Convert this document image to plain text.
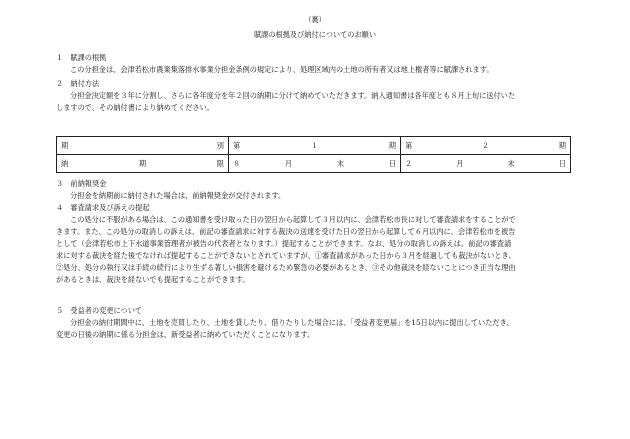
（裏）
賦課の根拠及び納付についてのお願い
１　賦課の根拠
この分担金は、会津若松市農業集落排水事業分担金条例の規定により、処理区域内の土地の所有者又は地上権者等に賦課されます。
２　納付方法
分担金決定額を３年に分割し、さらに各年度分を年２回の納期に分けて納めていただきます。納入通知書は各年度とも８月上旬に送付いた
しますので、その納付書により納めてください。
期 別	第 １ 期	第 ２ 期

納 期 限	８ 月 末 日	２ 月 末 日
３　前納報奨金
分担金を納期前に納付された場合は、前納報奨金が交付されます。
４　審査請求及び訴えの提起
この処分に不服がある場合は、この通知書を受け取った日の翌日から起算して３月以内に、会津若松市長に対して審査請求をすることがで
きます。また、この処分の取消しの訴えは、前記の審査請求に対する裁決の送達を受けた日の翌日から起算して６月以内に、会津若松市を被告
として（会津若松市上下水道事業管理者が被告の代表者となります。）提起することができます。なお、処分の取消しの訴えは、前記の審査請
求に対する裁決を経た後でなければ提起することができないとされていますが、①審査請求があった日から３月を経過しても裁決がないとき、
②処分、処分の執行又は手続の続行により生ずる著しい損害を避けるため緊急の必要があるとき、③その他裁決を経ないことにつき正当な理由
があるときは、裁決を経ないでも提起することができます。
５　受益者の変更について
分担金の納付期間中に、土地を売買したり、土地を貸したり、借りたりした場合には、「受益者変更届」を15日以内に提出していただき、
変更の日後の納期に係る分担金は、新受益者に納めていただくことになります。
